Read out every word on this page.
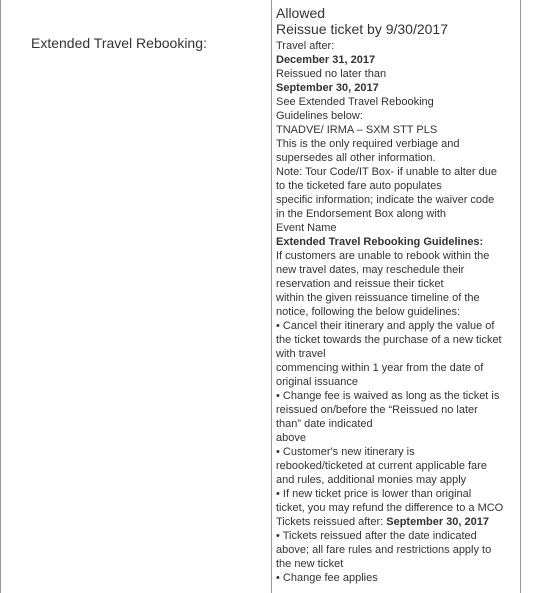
Extended Travel Rebooking:
Allowed
Reissue ticket by 9/30/2017
Travel after:
December 31, 2017
Reissued no later than
September 30, 2017
See Extended Travel Rebooking
Guidelines below:
TNADVE/ IRMA – SXM STT PLS
This is the only required verbiage and
supersedes all other information.
Note: Tour Code/IT Box- if unable to alter due
to the ticketed fare auto populates
specific information; indicate the waiver code
in the Endorsement Box along with
Event Name
Extended Travel Rebooking Guidelines:
If customers are unable to rebook within the
new travel dates, may reschedule their
reservation and reissue their ticket
within the given reissuance timeline of the
notice, following the below guidelines:
• Cancel their itinerary and apply the value of
the ticket towards the purchase of a new ticket
with travel
commencing within 1 year from the date of
original issuance
• Change fee is waived as long as the ticket is
reissued on/before the “Reissued no later
than” date indicated
above
• Customer's new itinerary is
rebooked/ticketed at current applicable fare
and rules, additional monies may apply
• If new ticket price is lower than original
ticket, you may refund the difference to a MCO
Tickets reissued after: September 30, 2017
• Tickets reissued after the date indicated
above; all fare rules and restrictions apply to
the new ticket
• Change fee applies
